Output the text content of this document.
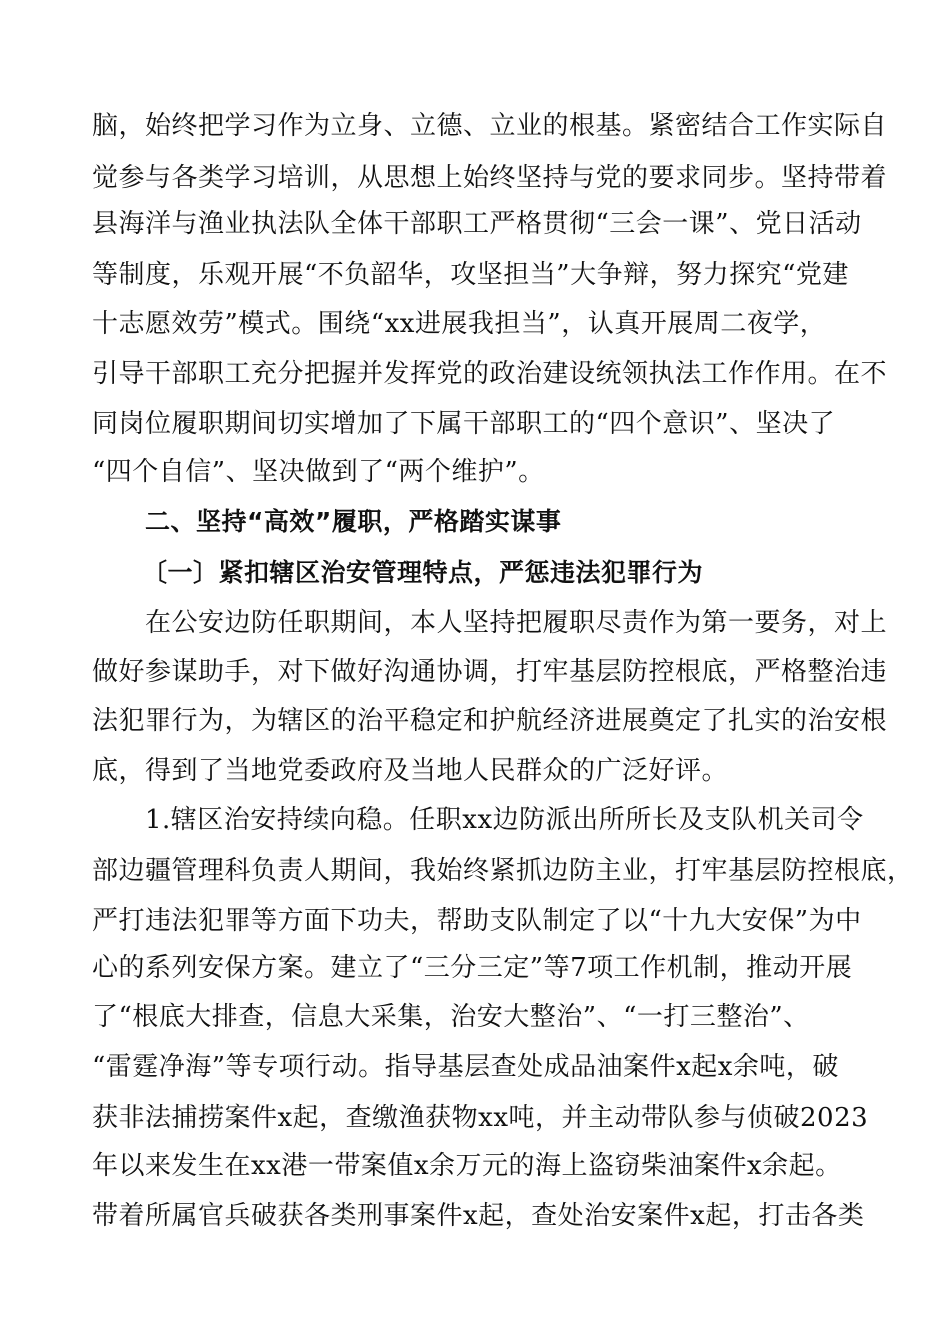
脑，始终把学习作为立身、立德、立业的根基。紧密结合工作实际自
觉参与各类学习培训，从思想上始终坚持与党的要求同步。坚持带着
县海洋与渔业执法队全体干部职工严格贯彻“三会一课”、党日活动
等制度，乐观开展“不负韶华，攻坚担当”大争辩，努力探究“党建
十志愿效劳”模式。围绕“xx进展我担当”，认真开展周二夜学，
引导干部职工充分把握并发挥党的政治建设统领执法工作作用。在不
同岗位履职期间切实增加了下属干部职工的“四个意识”、坚决了
“四个自信”、坚决做到了“两个维护”。
二、坚持“高效”履职，严格踏实谋事
〔一〕紧扣辖区治安管理特点，严惩违法犯罪行为
在公安边防任职期间，本人坚持把履职尽责作为第一要务，对上
做好参谋助手，对下做好沟通协调，打牢基层防控根底，严格整治违
法犯罪行为，为辖区的治平稳定和护航经济进展奠定了扎实的治安根
底，得到了当地党委政府及当地人民群众的广泛好评。
1.辖区治安持续向稳。任职xx边防派出所所长及支队机关司令
部边疆管理科负责人期间，我始终紧抓边防主业，打牢基层防控根底，
严打违法犯罪等方面下功夫，帮助支队制定了以“十九大安保”为中
心的系列安保方案。建立了“三分三定”等7项工作机制，推动开展
了“根底大排查，信息大采集，治安大整治”、“一打三整治”、
“雷霆净海”等专项行动。指导基层查处成品油案件x起x余吨，破
获非法捕捞案件x起，查缴渔获物xx吨，并主动带队参与侦破2023
年以来发生在xx港一带案值x余万元的海上盗窃柴油案件x余起。
带着所属官兵破获各类刑事案件x起，查处治安案件x起，打击各类
